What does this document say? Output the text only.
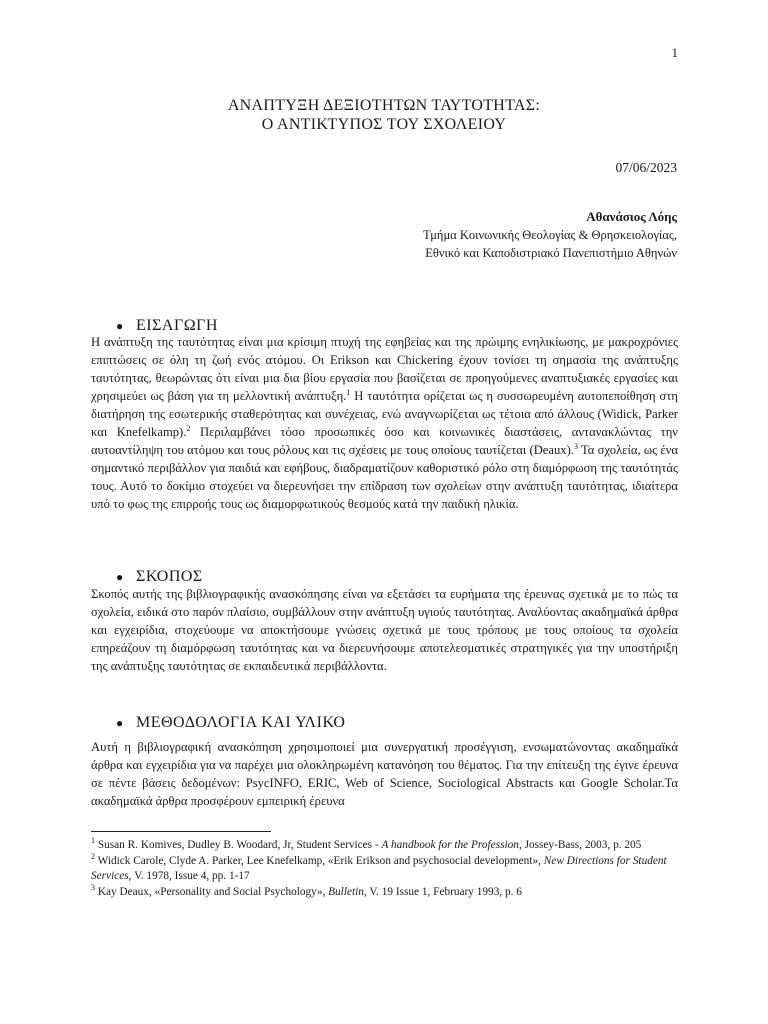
1
ΑΝΑΠΤΥΞΗ ΔΕΞΙΟΤΗΤΩΝ ΤΑΥΤΟΤΗΤΑΣ:
Ο ΑΝΤΙΚΤΥΠΟΣ ΤΟΥ ΣΧΟΛΕΙΟΥ
07/06/2023
Αθανάσιος Λόης
Τμήμα Κοινωνικής Θεολογίας & Θρησκειολογίας,
Εθνικό και Καποδιστριακό Πανεπιστήμιο Αθηνών
● ΕΙΣΑΓΩΓΗ
Η ανάπτυξη της ταυτότητας είναι μια κρίσιμη πτυχή της εφηβείας και της πρώιμης ενηλικίωσης, με μακροχρόνιες επιπτώσεις σε όλη τη ζωή ενός ατόμου. Οι Erikson και Chickering έχουν τονίσει τη σημασία της ανάπτυξης ταυτότητας, θεωρώντας ότι είναι μια δια βίου εργασία που βασίζεται σε προηγούμενες αναπτυξιακές εργασίες και χρησιμεύει ως βάση για τη μελλοντική ανάπτυξη.$^1$ Η ταυτότητα ορίζεται ως η συσσωρευμένη αυτοπεποίθηση στη διατήρηση της εσωτερικής σταθερότητας και συνέχειας, ενώ αναγνωρίζεται ως τέτοια από άλλους (Widick, Parker και Knefelkamp).$^2$ Περιλαμβάνει τόσο προσωπικές όσο και κοινωνικές διαστάσεις, αντανακλώντας την αυτοαντίληψη του ατόμου και τους ρόλους και τις σχέσεις με τους οποίους ταυτίζεται (Deaux).$^3$ Τα σχολεία, ως ένα σημαντικό περιβάλλον για παιδιά και εφήβους, διαδραματίζουν καθοριστικό ρόλο στη διαμόρφωση της ταυτότητάς τους. Αυτό το δοκίμιο στοχεύει να διερευνήσει την επίδραση των σχολείων στην ανάπτυξη ταυτότητας, ιδιαίτερα υπό το φως της επιρροής τους ως διαμορφωτικούς θεσμούς κατά την παιδική ηλικία.
● ΣΚΟΠΟΣ
Σκοπός αυτής της βιβλιογραφικής ανασκόπησης είναι να εξετάσει τα ευρήματα της έρευνας σχετικά με το πώς τα σχολεία, ειδικά στο παρόν πλαίσιο, συμβάλλουν στην ανάπτυξη υγιούς ταυτότητας. Αναλύοντας ακαδημαϊκά άρθρα και εγχειρίδια, στοχεύουμε να αποκτήσουμε γνώσεις σχετικά με τους τρόπους με τους οποίους τα σχολεία επηρεάζουν τη διαμόρφωση ταυτότητας και να διερευνήσουμε αποτελεσματικές στρατηγικές για την υποστήριξη της ανάπτυξης ταυτότητας σε εκπαιδευτικά περιβάλλοντα.
● ΜΕΘΟΔΟΛΟΓΙΑ ΚΑΙ ΥΛΙΚΟ
Αυτή η βιβλιογραφική ανασκόπηση χρησιμοποιεί μια συνεργατική προσέγγιση, ενσωματώνοντας ακαδημαϊκά άρθρα και εγχειρίδια για να παρέχει μια ολοκληρωμένη κατανόηση του θέματος. Για την επίτευξη της έγινε έρευνα σε πέντε βάσεις δεδομένων: PsycINFO, ERIC, Web of Science, Sociological Abstracts και Google Scholar.Τα ακαδημαϊκά άρθρα προσφέρουν εμπειρική έρευνα

$^1$ Susan R. Komives, Dudley B. Woodard, Jr, Student Services - A handbook for the Profession, Jossey-Bass, 2003, p. 205

$^2$ Widick Carole, Clyde A. Parker, Lee Knefelkamp, «Erik Erikson and psychosocial development», New Directions for Student Services, V. 1978, Issue 4, pp. 1-17

$^3$ Kay Deaux, «Personality and Social Psychology», Bulletin, V. 19 Issue 1, February 1993, p. 6
